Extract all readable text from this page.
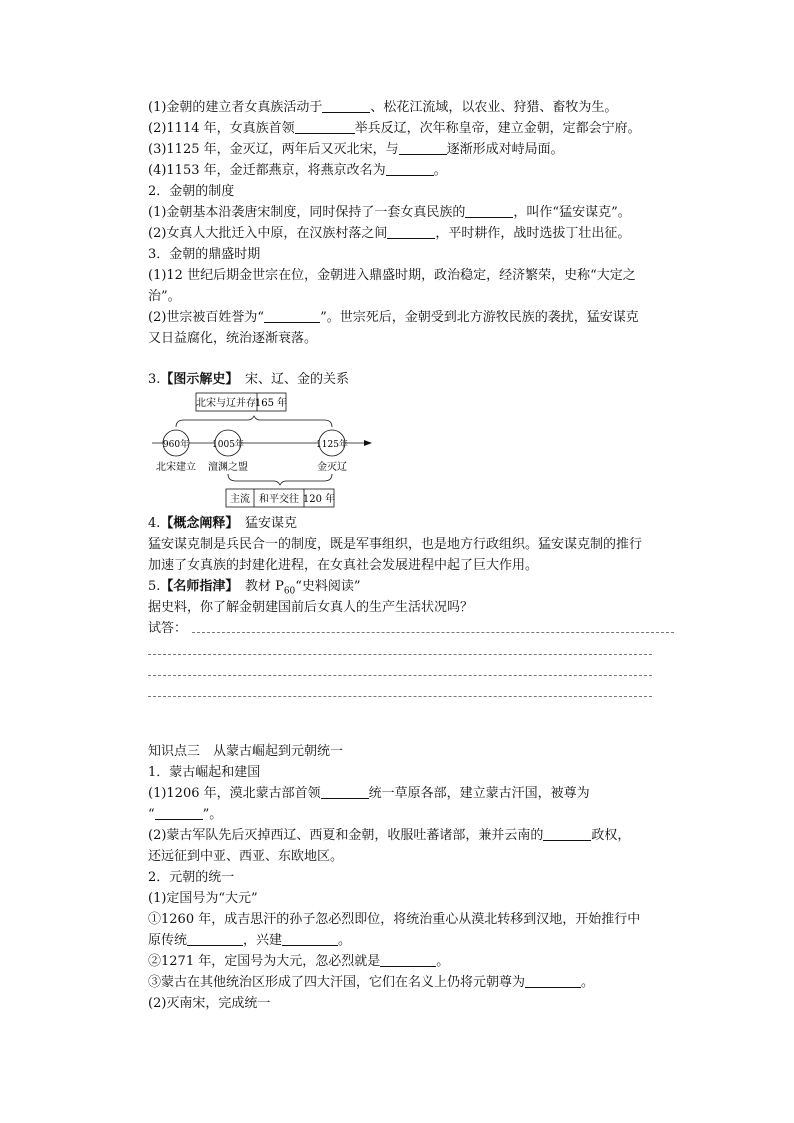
(1)金朝的建立者女真族活动于	、松花江流域，以农业、狩猎、畜牧为生。
(2)1114 年，女真族首领	举兵反辽，次年称皇帝，建立金朝，定都会宁府。
(3)1125 年，金灭辽，两年后又灭北宋，与	逐渐形成对峙局面。
(4)1153 年，金迁都燕京，将燕京改名为	。
2．金朝的制度
(1)金朝基本沿袭唐宋制度，同时保持了一套女真民族的	，叫作“猛安谋克”。
(2)女真人大批迁入中原，在汉族村落之间	，平时耕作，战时选拔丁壮出征。
3．金朝的鼎盛时期
(1)12 世纪后期金世宗在位，金朝进入鼎盛时期，政治稳定，经济繁荣，史称“大定之
治”。
(2)世宗被百姓誉为“	”。世宗死后，金朝受到北方游牧民族的袭扰，猛安谋克
又日益腐化，统治逐渐衰落。
3.【图示解史】　 宋、辽、金的关系
北宋与辽并存
165 年
960年	1005年	1125年
北宋建立 澶渊之盟	金灭辽
主流 和平交往 120 年
4.【概念阐释】　 猛安谋克
猛安谋克制是兵民合一的制度，既是军事组织，也是地方行政组织。猛安谋克制的推行
加速了女真族的封建化进程，在女真社会发展进程中起了巨大作用。
5.【名师指津】　 教材 $P_{60}“$史料阅读”
据史料，你了解金朝建国前后女真人的生产生活状况吗？
试答：
知识点三　从蒙古崛起到元朝统一
1．蒙古崛起和建国
(1)1206 年，漠北蒙古部首领	统一草原各部，建立蒙古汗国，被尊为
“	”。
(2)蒙古军队先后灭掉西辽、西夏和金朝，收服吐蕃诸部，兼并云南的	政权，
还远征到中亚、西亚、东欧地区。
2．元朝的统一
(1)定国号为“大元”
①1260 年，成吉思汗的孙子忽必烈即位，将统治重心从漠北转移到汉地，开始推行中
原传统	，兴建	。
②1271 年，定国号为大元，忽必烈就是	。
③蒙古在其他统治区形成了四大汗国，它们在名义上仍将元朝尊为	。
(2)灭南宋，完成统一
